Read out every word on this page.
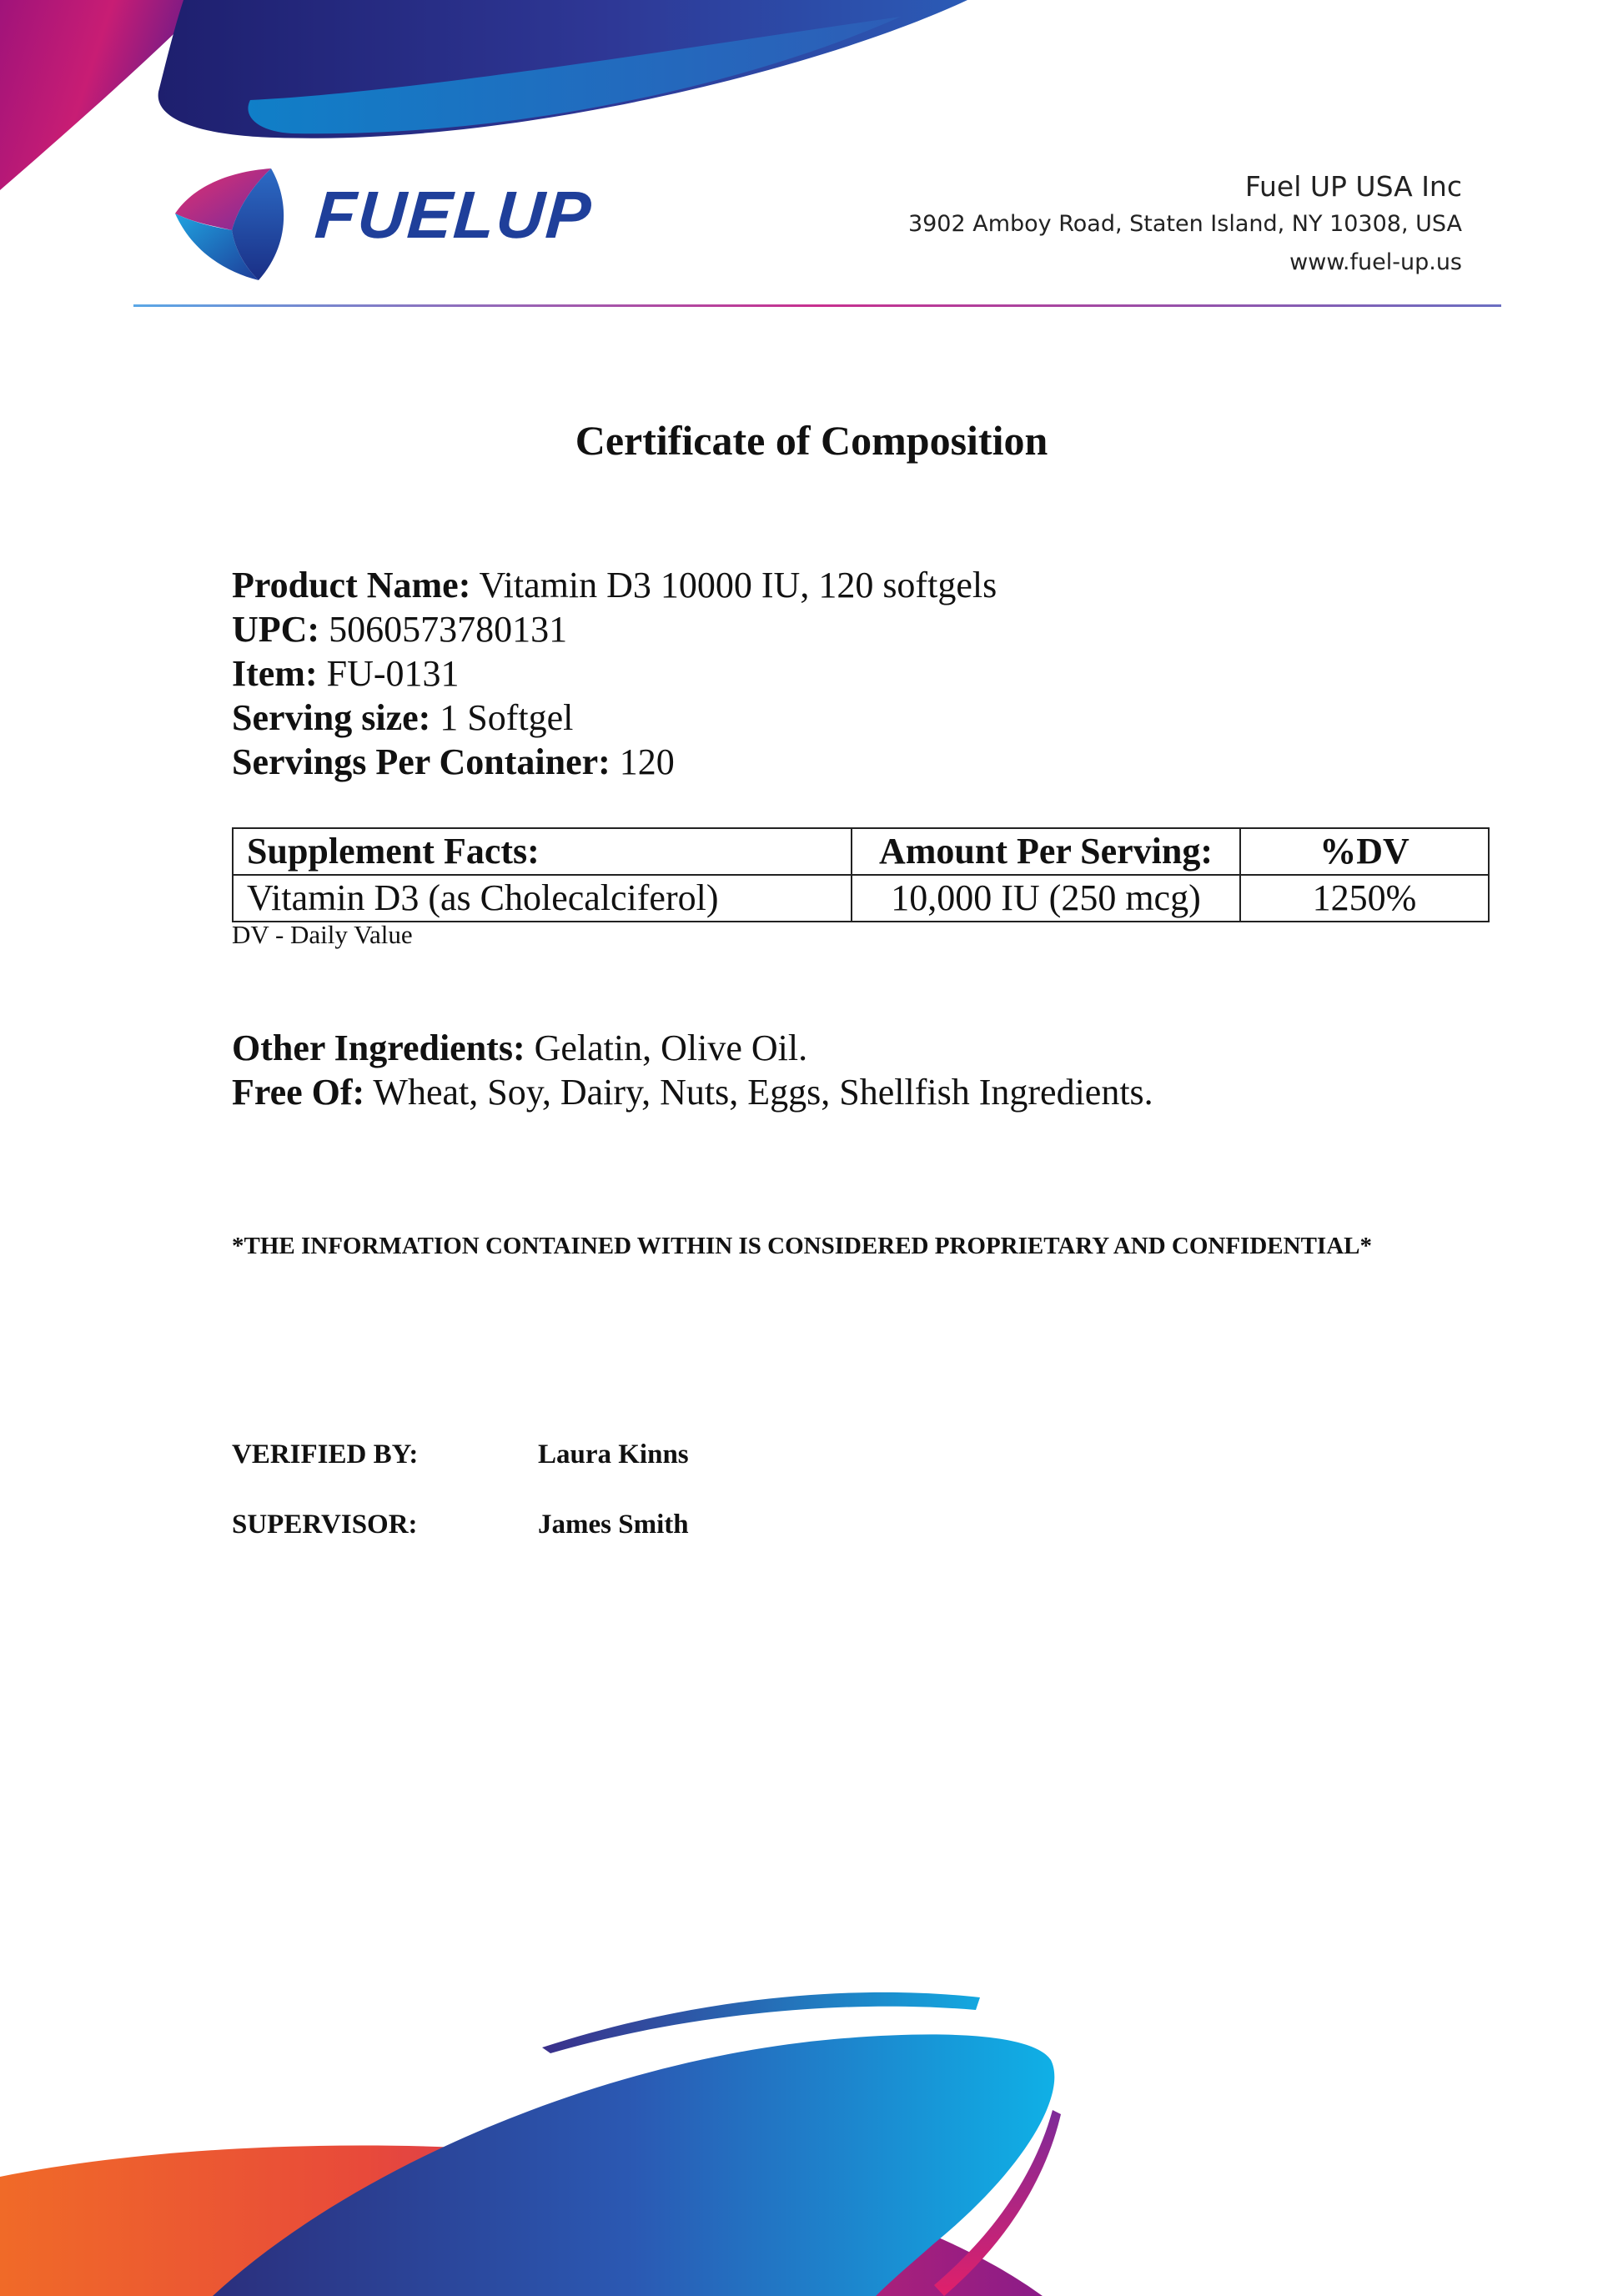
FUELUP	Fuel UP USA Inc
3902 Amboy Road, Staten Island, NY 10308, USA
www.fuel-up.us
Certificate of Composition
Product Name: Vitamin D3 10000 IU, 120 softgels
UPC: 5060573780131
Item: FU-0131
Serving size: 1 Softgel
Servings Per Container: 120
Supplement Facts:	Amount Per Serving:	%DV
Vitamin D3 (as Cholecalciferol)	10,000 IU (250 mcg)	1250%
DV - Daily Value
Other Ingredients: Gelatin, Olive Oil.
Free Of: Wheat, Soy, Dairy, Nuts, Eggs, Shellfish Ingredients.
*THE INFORMATION CONTAINED WITHIN IS CONSIDERED PROPRIETARY AND CONFIDENTIAL*
VERIFIED BY:	Laura Kinns
SUPERVISOR:	James Smith
